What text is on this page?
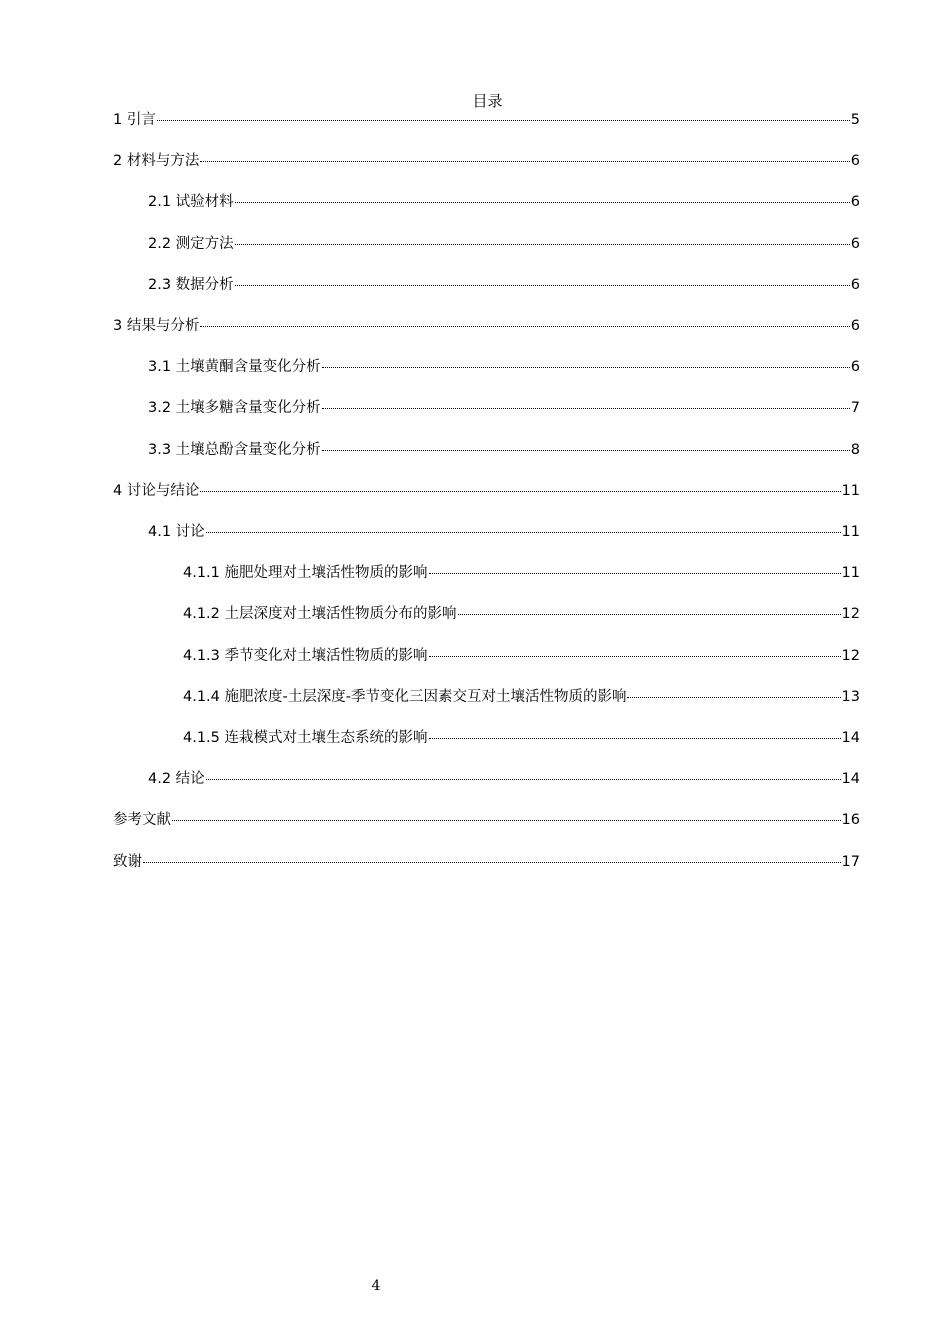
目录
1 引言	5
2 材料与方法	6
2.1 试验材料	6
2.2 测定方法	6
2.3 数据分析	6
3 结果与分析	6
3.1 土壤黄酮含量变化分析	6
3.2 土壤多糖含量变化分析	7
3.3 土壤总酚含量变化分析	8
4 讨论与结论	11
4.1 讨论	11
4.1.1 施肥处理对土壤活性物质的影响	11
4.1.2 土层深度对土壤活性物质分布的影响	12
4.1.3 季节变化对土壤活性物质的影响	12
4.1.4 施肥浓度-土层深度-季节变化三因素交互对土壤活性物质的影响	13
4.1.5 连栽模式对土壤生态系统的影响	14
4.2 结论	14
参考文献	16
致谢	17
4
